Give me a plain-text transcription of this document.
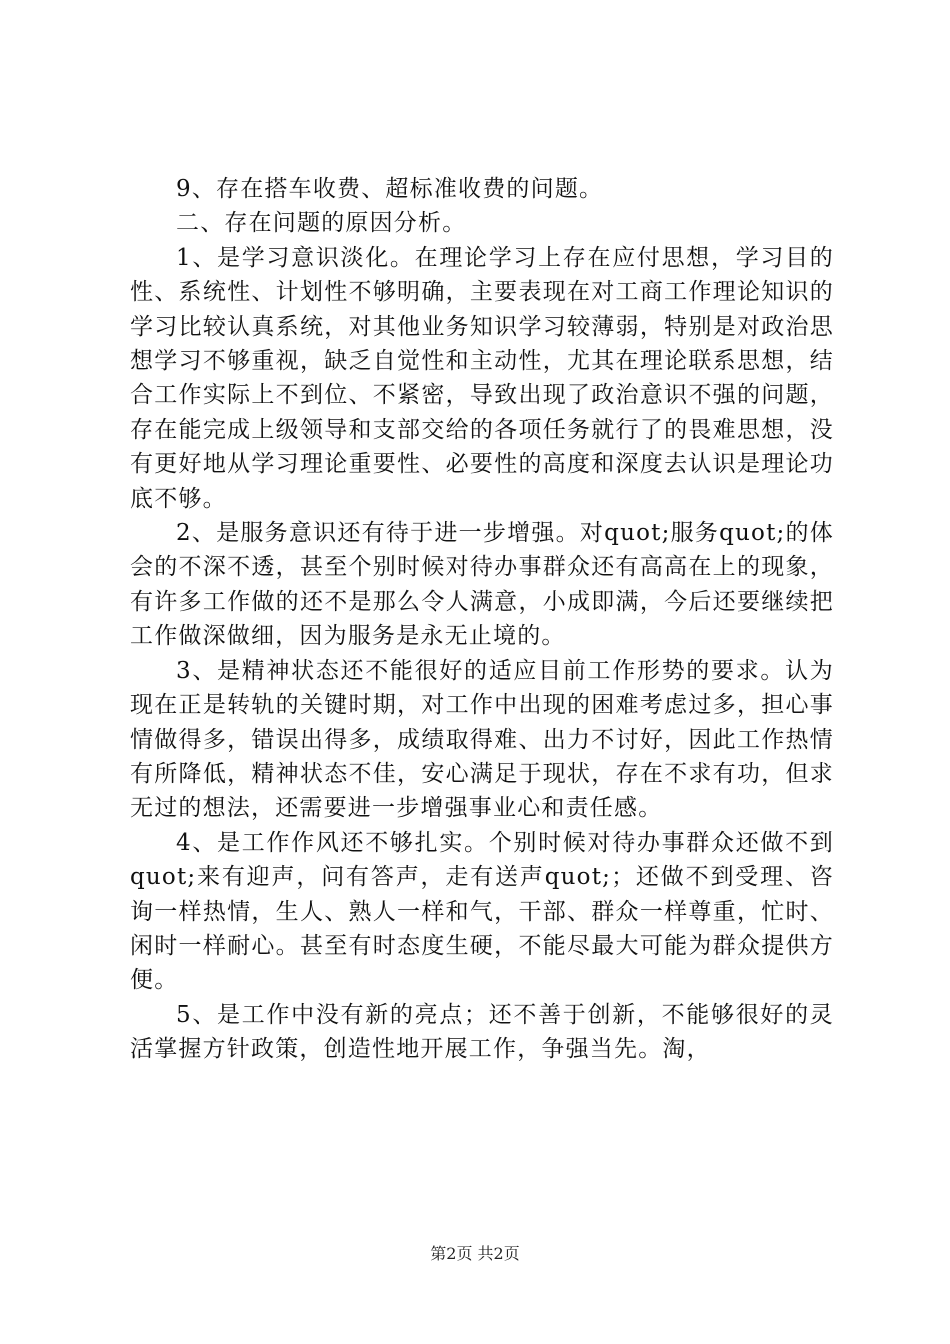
9、存在搭车收费、超标准收费的问题。

二、存在问题的原因分析。

1、是学习意识淡化。在理论学习上存在应付思想，学习目的性、系统性、计划性不够明确，主要表现在对工商工作理论知识的学习比较认真系统，对其他业务知识学习较薄弱，特别是对政治思想学习不够重视，缺乏自觉性和主动性，尤其在理论联系思想，结合工作实际上不到位、不紧密，导致出现了政治意识不强的问题，存在能完成上级领导和支部交给的各项任务就行了的畏难思想，没有更好地从学习理论重要性、必要性的高度和深度去认识是理论功底不够。

2、是服务意识还有待于进一步增强。对quot;服务quot;的体会的不深不透，甚至个别时候对待办事群众还有高高在上的现象，有许多工作做的还不是那么令人满意，小成即满，今后还要继续把工作做深做细，因为服务是永无止境的。

3、是精神状态还不能很好的适应目前工作形势的要求。认为现在正是转轨的关键时期，对工作中出现的困难考虑过多，担心事情做得多，错误出得多，成绩取得难、出力不讨好，因此工作热情有所降低，精神状态不佳，安心满足于现状，存在不求有功，但求无过的想法，还需要进一步增强事业心和责任感。

4、是工作作风还不够扎实。个别时候对待办事群众还做不到quot;来有迎声，问有答声，走有送声quot;；还做不到受理、咨询一样热情，生人、熟人一样和气，干部、群众一样尊重，忙时、闲时一样耐心。甚至有时态度生硬，不能尽最大可能为群众提供方便。

5、是工作中没有新的亮点；还不善于创新，不能够很好的灵活掌握方针政策，创造性地开展工作，争强当先。淘，

第2页 共2页
